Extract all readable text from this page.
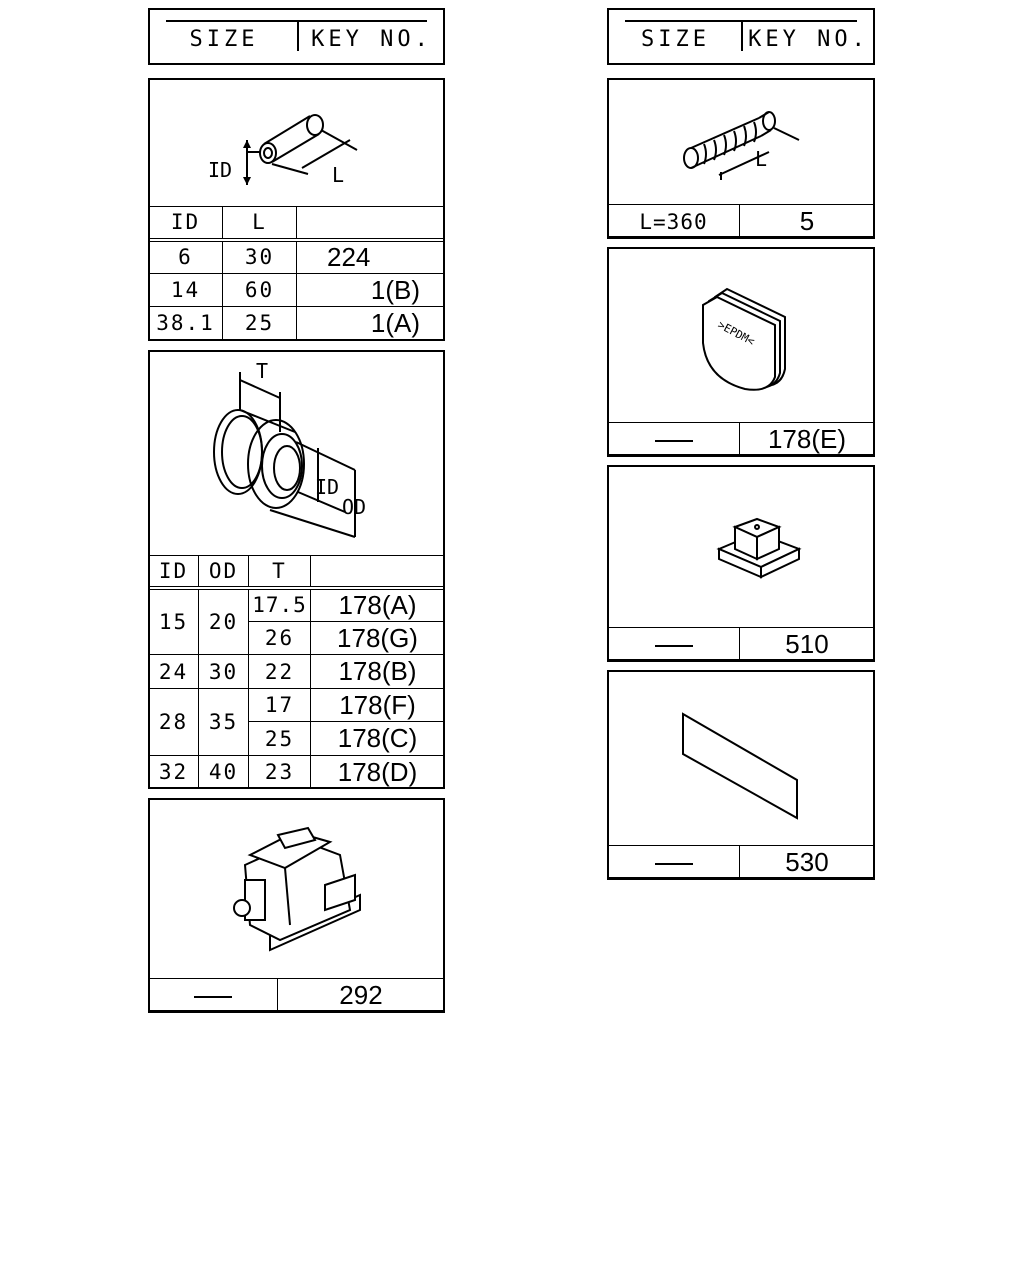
SIZE	KEY NO.	SIZE	KEY NO.
ID	L
ID	L	
6	30	224
14	60	1(B)
38.1	25	1(A)
T
ID
OD
ID	OD	T	
15	20	17.5	178(A)
		26	178(G)
24	30	22	178(B)
28	35	17	178(F)
		25	178(C)
32	40	23	178(D)
	292
L
L=360	5
>EPDM<
	178(E)
	510
	530
